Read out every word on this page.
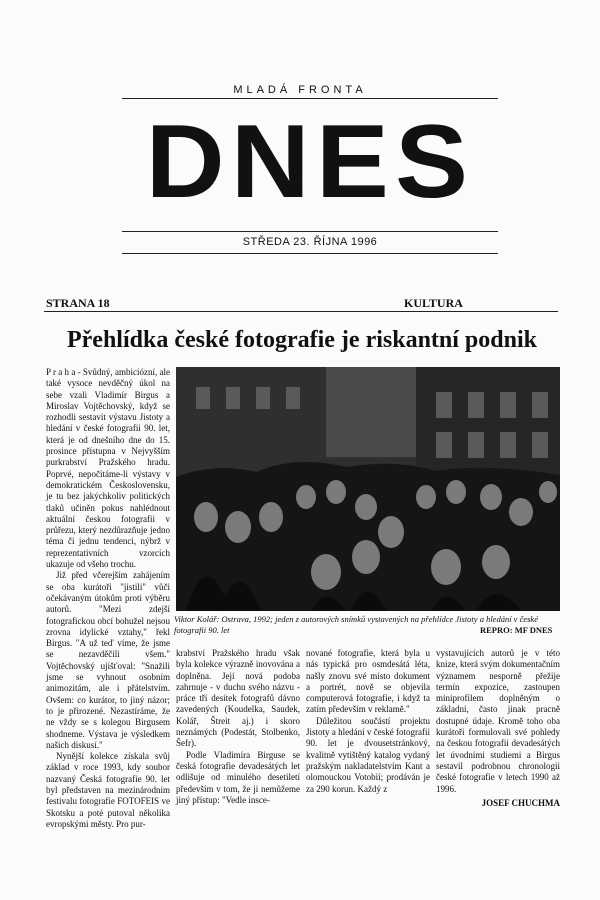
MLADÁ FRONTA
DNES
STŘEDA 23. ŘÍJNA 1996
STRANA 18	KULTURA
Přehlídka české fotografie je riskantní podnik

P r a h a - Svůdný, ambiciózní, ale také vysoce nevděčný úkol na sebe vzali Vladimír Birgus a Miroslav Vojtěchovský, když se rozhodli sestavit výstavu Jistoty a hledání v české fotografii 90. let, která je od dnešního dne do 15. prosince přístupna v Nejvyšším purkrabství Pražského hradu. Poprvé, nepočítáme-li výstavy v demokratickém Československu, je tu bez jakýchkoliv politických tlaků učiněn pokus nahlédnout aktuální českou fotografii v průřezu, který nezdůrazňuje jedno téma či jednu tendenci, nýbrž v reprezentativních vzorcích ukazuje od všeho trochu.

Již před včerejším zahájením se oba kurátoři "jistili" vůči očekávaným útokům proti výběru autorů. "Mezi zdejší fotografickou obcí bohužel nejsou zrovna idylické vztahy," řekl Birgus. "A už teď víme, že jsme se nezavděčili všem." Vojtěchovský ujišťoval: "Snažili jsme se vyhnout osobním animozitám, ale i přátelstvím. Ovšem: co kurátor, to jiný názor; to je přirozené. Nezastíráme, že ne vždy se s kolegou Birgusem shodneme. Výstava je výsledkem našich diskusí."

Nynější kolekce získala svůj základ v roce 1993, kdy soubor nazvaný Česká fotografie 90. let byl představen na mezinárodním festivalu fotografie FOTOFEIS ve Skotsku a poté putoval několika evropskými městy. Pro pur-

Viktor Kolář: Ostrava, 1992; jeden z autorových snímků vystavených na přehlídce Jistoty a hledání v české fotografii 90. let	REPRO: MF DNES

krabství Pražského hradu však byla kolekce výrazně inovována a doplněna. Její nová podoba zahrnuje - v duchu svého názvu - práce tří desítek fotografů dávno zavedených (Koudelka, Saudek, Kolář, Štreit aj.) i skoro neznámých (Podestát, Stolbenko, Šefr).

Podle Vladimíra Birguse se česká fotografie devadesátých let odlišuje od minulého desetiletí především v tom, že ji nemůžeme jiný přístup: "Vedle insce-

nované fotografie, která byla u nás typická pro osmdesátá léta, našly znovu své místo dokument a portrét, nově se objevila computerová fotografie, i když ta zatím především v reklamě."

Důležitou součástí projektu Jistoty a hledání v české fotografii 90. let je dvousetstránkový, kvalitně vytištěný katalog vydaný pražským nakladatelstvím Kant a olomouckou Votobií; prodáván je za 290 korun. Každý z

vystavujících autorů je v této knize, která svým dokumentačním významem nesporně přežije termín expozice, zastoupen miniprofilem doplněným o základní, často jinak pracně dostupné údaje. Kromě toho oba kurátoři formulovali své pohledy na českou fotografii devadesátých let úvodními studiemi a Birgus sestavil podrobnou chronologii české fotografie v letech 1990 až 1996.

JOSEF CHUCHMA
